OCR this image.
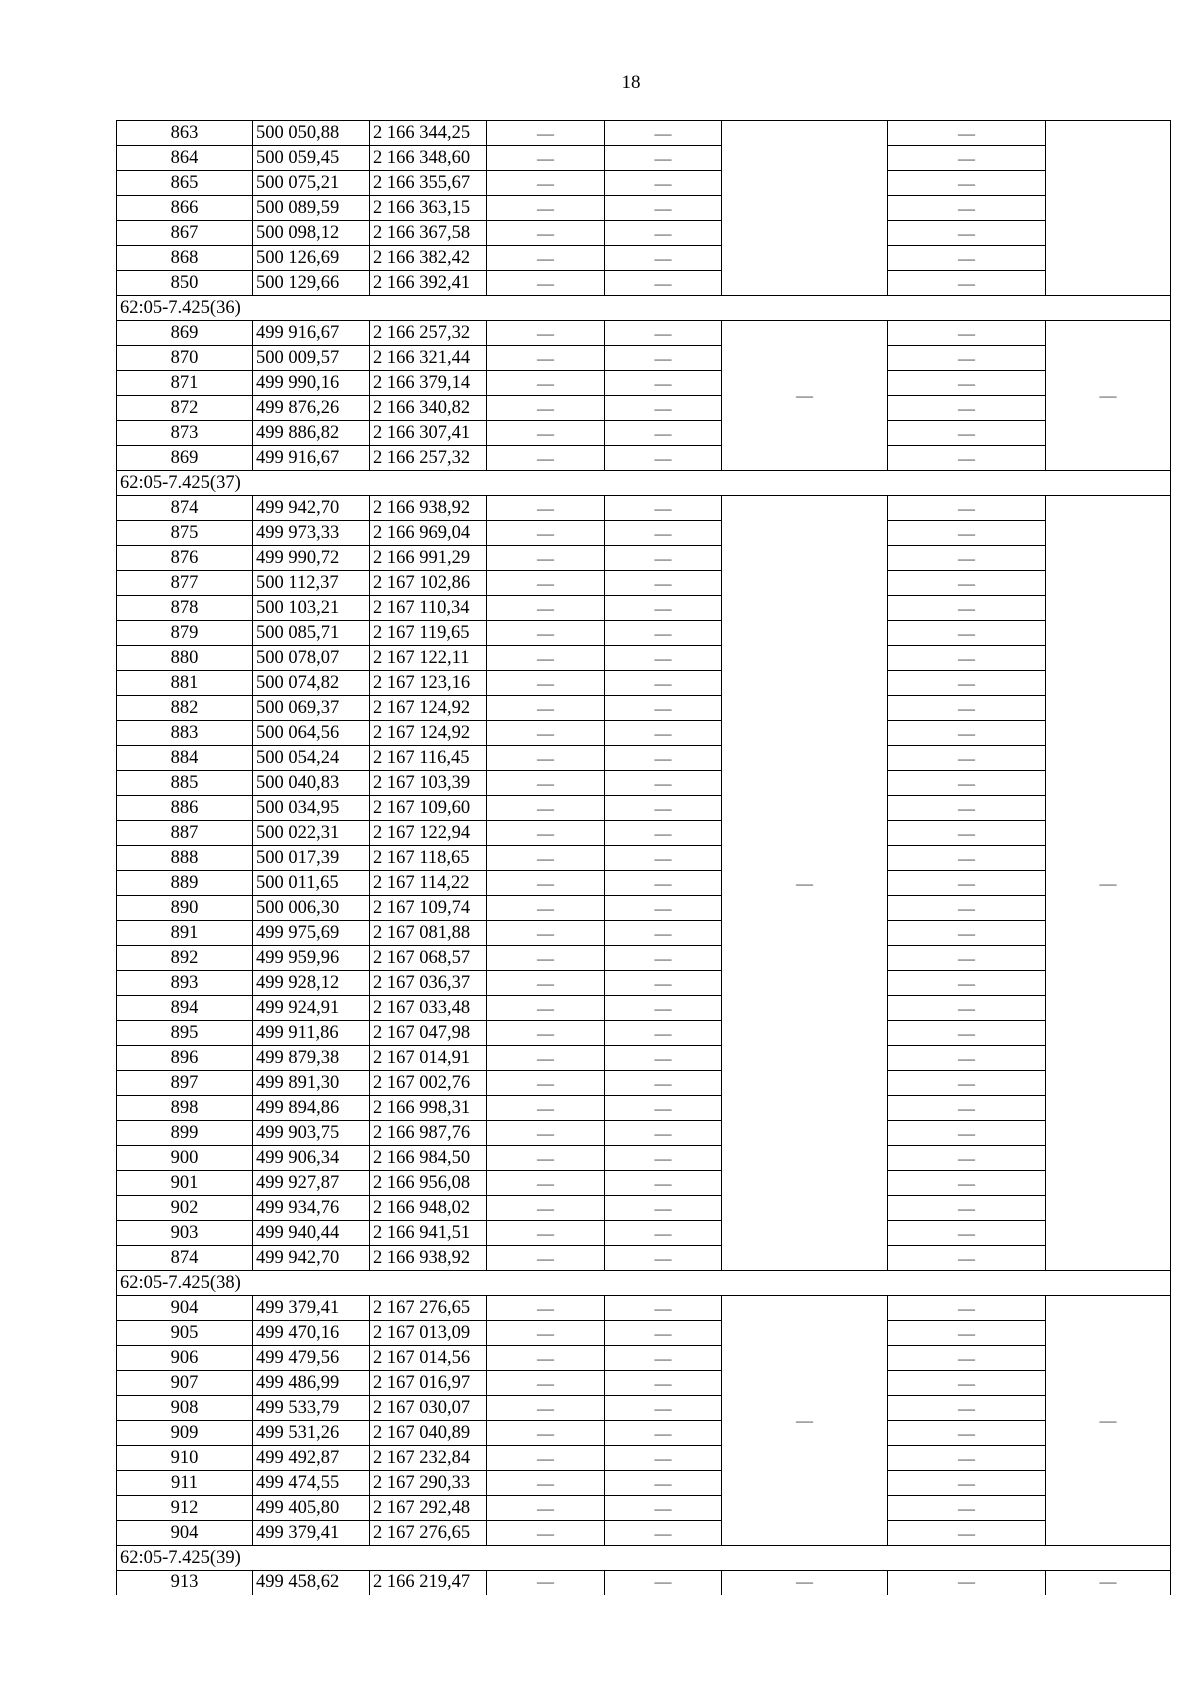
18
863	500 050,88	2 166 344,25	—	—		—	
864	500 059,45	2 166 348,60	—	—		—	
865	500 075,21	2 166 355,67	—	—		—	
866	500 089,59	2 166 363,15	—	—		—	
867	500 098,12	2 166 367,58	—	—		—	
868	500 126,69	2 166 382,42	—	—		—	
850	500 129,66	2 166 392,41	—	—		—	
62:05-7.425(36)							
869	499 916,67	2 166 257,32	—	—	—	—	—
870	500 009,57	2 166 321,44	—	—		—	
871	499 990,16	2 166 379,14	—	—		—	
872	499 876,26	2 166 340,82	—	—		—	
873	499 886,82	2 166 307,41	—	—		—	
869	499 916,67	2 166 257,32	—	—		—	
62:05-7.425(37)							
874	499 942,70	2 166 938,92	—	—	—	—	—
875	499 973,33	2 166 969,04	—	—		—	
876	499 990,72	2 166 991,29	—	—		—	
877	500 112,37	2 167 102,86	—	—		—	
878	500 103,21	2 167 110,34	—	—		—	
879	500 085,71	2 167 119,65	—	—		—	
880	500 078,07	2 167 122,11	—	—		—	
881	500 074,82	2 167 123,16	—	—		—	
882	500 069,37	2 167 124,92	—	—		—	
883	500 064,56	2 167 124,92	—	—		—	
884	500 054,24	2 167 116,45	—	—		—	
885	500 040,83	2 167 103,39	—	—		—	
886	500 034,95	2 167 109,60	—	—		—	
887	500 022,31	2 167 122,94	—	—		—	
888	500 017,39	2 167 118,65	—	—		—	
889	500 011,65	2 167 114,22	—	—		—	
890	500 006,30	2 167 109,74	—	—		—	
891	499 975,69	2 167 081,88	—	—		—	
892	499 959,96	2 167 068,57	—	—		—	
893	499 928,12	2 167 036,37	—	—		—	
894	499 924,91	2 167 033,48	—	—		—	
895	499 911,86	2 167 047,98	—	—		—	
896	499 879,38	2 167 014,91	—	—		—	
897	499 891,30	2 167 002,76	—	—		—	
898	499 894,86	2 166 998,31	—	—		—	
899	499 903,75	2 166 987,76	—	—		—	
900	499 906,34	2 166 984,50	—	—		—	
901	499 927,87	2 166 956,08	—	—		—	
902	499 934,76	2 166 948,02	—	—		—	
903	499 940,44	2 166 941,51	—	—		—	
874	499 942,70	2 166 938,92	—	—		—	
62:05-7.425(38)							
904	499 379,41	2 167 276,65	—	—	—	—	—
905	499 470,16	2 167 013,09	—	—		—	
906	499 479,56	2 167 014,56	—	—		—	
907	499 486,99	2 167 016,97	—	—		—	
908	499 533,79	2 167 030,07	—	—		—	
909	499 531,26	2 167 040,89	—	—		—	
910	499 492,87	2 167 232,84	—	—		—	
911	499 474,55	2 167 290,33	—	—		—	
912	499 405,80	2 167 292,48	—	—		—	
904	499 379,41	2 167 276,65	—	—		—	
62:05-7.425(39)							
913	499 458,62	2 166 219,47	—	—	—	—	—
